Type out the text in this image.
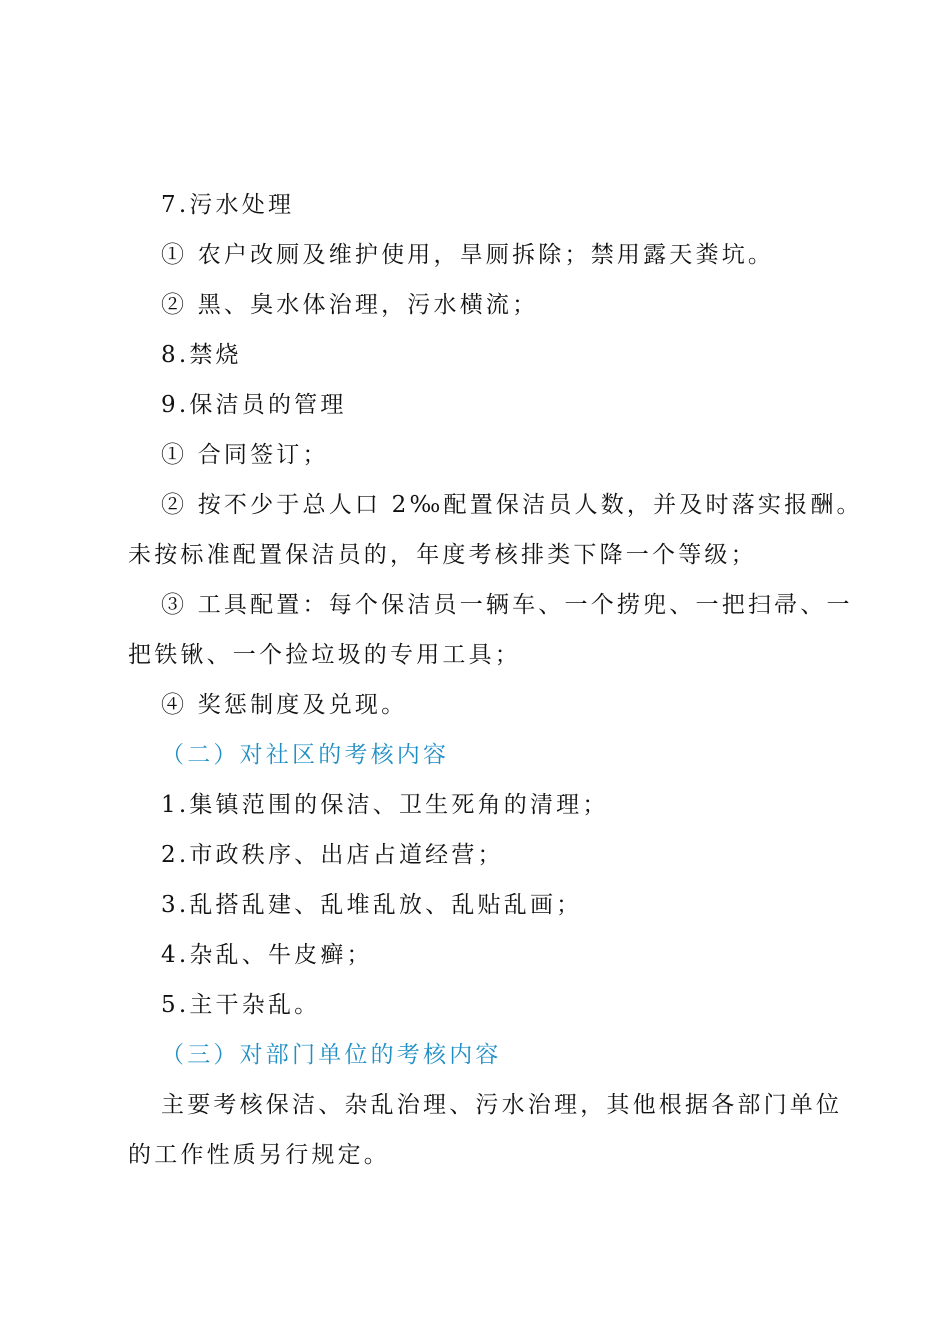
7.污水处理
① 农户改厕及维护使用，旱厕拆除；禁用露天粪坑。
② 黑、臭水体治理，污水横流；
8.禁烧
9.保洁员的管理
① 合同签订；
② 按不少于总人口 2‰配置保洁员人数，并及时落实报酬。
未按标准配置保洁员的，年度考核排类下降一个等级；
③ 工具配置：每个保洁员一辆车、一个捞兜、一把扫帚、一
把铁锹、一个捡垃圾的专用工具；
④ 奖惩制度及兑现。
（二）对社区的考核内容
1.集镇范围的保洁、卫生死角的清理；
2.市政秩序、出店占道经营；
3.乱搭乱建、乱堆乱放、乱贴乱画；
4.杂乱、牛皮癣；
5.主干杂乱。
（三）对部门单位的考核内容
主要考核保洁、杂乱治理、污水治理，其他根据各部门单位
的工作性质另行规定。
